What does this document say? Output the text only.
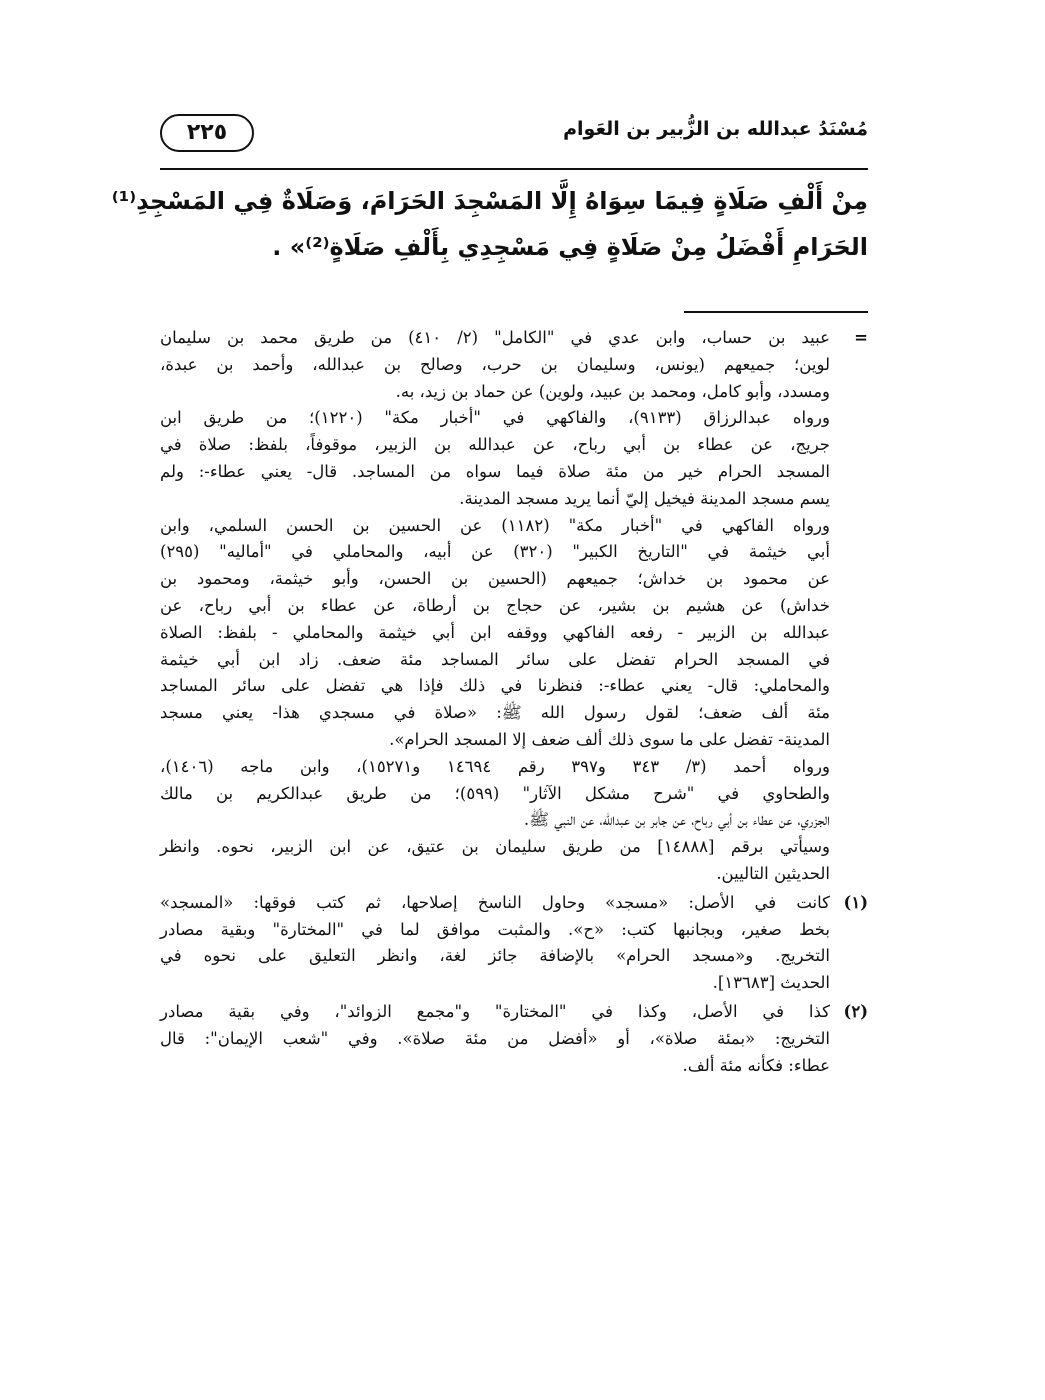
مُسْنَدُ عبدالله بن الزُّبير بن العَوام
٢٢٥

مِنْ أَلْفِ صَلَاةٍ فِيمَا سِوَاهُ إِلَّا المَسْجِدَ الحَرَامَ، وَصَلَاةٌ فِي المَسْجِدِ⁽¹⁾
الحَرَامِ أَفْضَلُ مِنْ صَلَاةٍ فِي مَسْجِدِي بِأَلْفِ صَلَاةٍ⁽²⁾» .

=
عبيد بن حساب، وابن عدي في "الكامل" (٢/ ٤١٠) من طريق محمد بن سليمان
لوين؛ جميعهم (يونس، وسليمان بن حرب، وصالح بن عبدالله، وأحمد بن عبدة،
ومسدد، وأبو كامل، ومحمد بن عبيد، ولوين) عن حماد بن زيد، به.
ورواه عبدالرزاق (٩١٣٣)، والفاكهي في "أخبار مكة" (١٢٢٠)؛ من طريق ابن
جريج، عن عطاء بن أبي رباح، عن عبدالله بن الزبير، موقوفاً، بلفظ: صلاة في
المسجد الحرام خير من مئة صلاة فيما سواه من المساجد. قال- يعني عطاء-: ولم
يسم مسجد المدينة فيخيل إليّ أنما يريد مسجد المدينة.
ورواه الفاكهي في "أخبار مكة" (١١٨٢) عن الحسين بن الحسن السلمي، وابن
أبي خيثمة في "التاريخ الكبير" (٣٢٠) عن أبيه، والمحاملي في "أماليه" (٢٩٥)
عن محمود بن خداش؛ جميعهم (الحسين بن الحسن، وأبو خيثمة، ومحمود بن
خداش) عن هشيم بن بشير، عن حجاج بن أرطاة، عن عطاء بن أبي رباح، عن
عبدالله بن الزبير - رفعه الفاكهي ووقفه ابن أبي خيثمة والمحاملي - بلفظ: الصلاة
في المسجد الحرام تفضل على سائر المساجد مئة ضعف. زاد ابن أبي خيثمة
والمحاملي: قال- يعني عطاء-: فنظرنا في ذلك فإذا هي تفضل على سائر المساجد
مئة ألف ضعف؛ لقول رسول الله ﷺ: «صلاة في مسجدي هذا- يعني مسجد
المدينة- تفضل على ما سوى ذلك ألف ضعف إلا المسجد الحرام».
ورواه أحمد (٣/ ٣٤٣ و٣٩٧ رقم ١٤٦٩٤ و١٥٢٧١)، وابن ماجه (١٤٠٦)،
والطحاوي في "شرح مشكل الآثار" (٥٩٩)؛ من طريق عبدالكريم بن مالك
الجزري، عن عطاء بن أبي رباح، عن جابر بن عبدالله، عن النبي ﷺ.
وسيأتي برقم [١٤٨٨٨] من طريق سليمان بن عتيق، عن ابن الزبير، نحوه. وانظر
الحديثين التاليين.
(١)
كانت في الأصل: «مسجد» وحاول الناسخ إصلاحها، ثم كتب فوقها: «المسجد»
بخط صغير، وبجانبها كتب: «ح». والمثبت موافق لما في "المختارة" وبقية مصادر
التخريج. و«مسجد الحرام» بالإضافة جائز لغة، وانظر التعليق على نحوه في
الحديث [١٣٦٨٣].
(٢)
كذا في الأصل، وكذا في "المختارة" و"مجمع الزوائد"، وفي بقية مصادر
التخريج: «بمئة صلاة»، أو «أفضل من مئة صلاة». وفي "شعب الإيمان": قال
عطاء: فكأنه مئة ألف.
